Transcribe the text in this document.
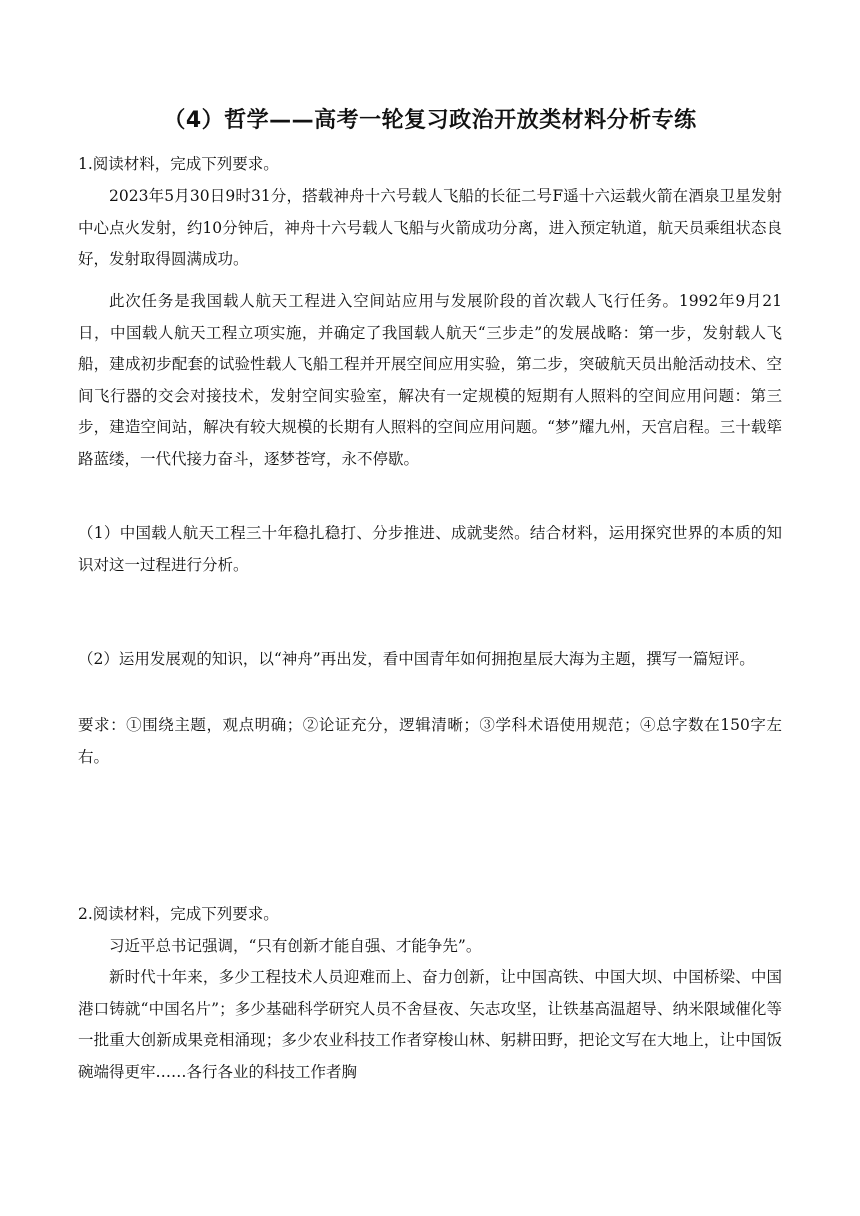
（4）哲学——高考一轮复习政治开放类材料分析专练

1.阅读材料，完成下列要求。

2023年5月30日9时31分，搭载神舟十六号载人飞船的长征二号F遥十六运载火箭在酒泉卫星发射中心点火发射，约10分钟后，神舟十六号载人飞船与火箭成功分离，进入预定轨道，航天员乘组状态良好，发射取得圆满成功。

此次任务是我国载人航天工程进入空间站应用与发展阶段的首次载人飞行任务。1992年9月21日，中国载人航天工程立项实施，并确定了我国载人航天“三步走”的发展战略：第一步，发射载人飞船，建成初步配套的试验性载人飞船工程并开展空间应用实验，第二步，突破航天员出舱活动技术、空间飞行器的交会对接技术，发射空间实验室，解决有一定规模的短期有人照料的空间应用问题：第三步，建造空间站，解决有较大规模的长期有人照料的空间应用问题。“梦”耀九州，天宫启程。三十载筚路蓝缕，一代代接力奋斗，逐梦苍穹，永不停歇。

（1）中国载人航天工程三十年稳扎稳打、分步推进、成就斐然。结合材料，运用探究世界的本质的知识对这一过程进行分析。

（2）运用发展观的知识，以“神舟”再出发，看中国青年如何拥抱星辰大海为主题，撰写一篇短评。

要求：①围绕主题，观点明确；②论证充分，逻辑清晰；③学科术语使用规范；④总字数在150字左右。

2.阅读材料，完成下列要求。

习近平总书记强调，“只有创新才能自强、才能争先”。

新时代十年来，多少工程技术人员迎难而上、奋力创新，让中国高铁、中国大坝、中国桥梁、中国港口铸就“中国名片”；多少基础科学研究人员不舍昼夜、矢志攻坚，让铁基高温超导、纳米限域催化等一批重大创新成果竞相涌现；多少农业科技工作者穿梭山林、躬耕田野，把论文写在大地上，让中国饭碗端得更牢……各行各业的科技工作者胸
